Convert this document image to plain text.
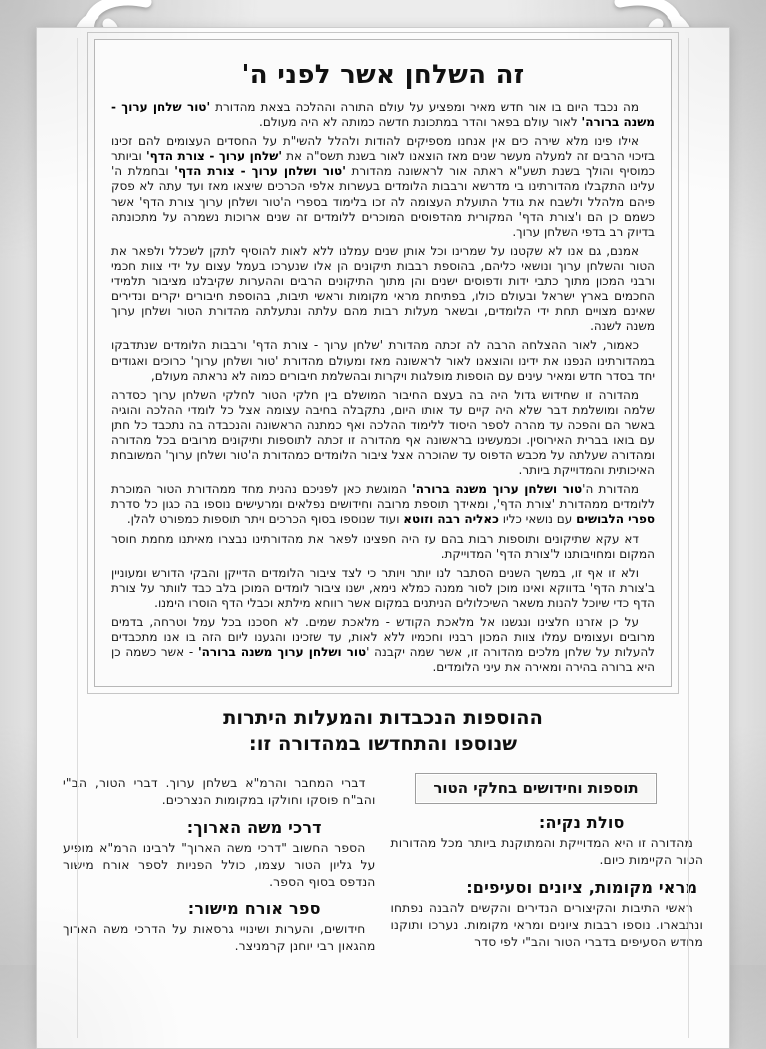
זה השלחן אשר לפני ה'

מה נכבד היום בו אור חדש מאיר ומפציע על עולם התורה וההלכה בצאת מהדורת 'טור שלחן ערוך - משנה ברורה' לאור עולם בפאר והדר במתכונת חדשה כמותה לא היה מעולם.

אילו פינו מלא שירה כים אין אנחנו מספיקים להודות ולהלל להשי"ת על החסדים העצומים להם זכינו בזיכוי הרבים זה למעלה מעשר שנים מאז הוצאנו לאור בשנת תשס"ה את 'שלחן ערוך - צורת הדף' וביותר כמוסיף והולך בשנת תשע"א ראתה אור לראשונה מהדורת 'טור ושלחן ערוך - צורת הדף' ובחמלת ה' עלינו התקבלו מהדורתינו בי מדרשא ורבבות הלומדים בעשרות אלפי הכרכים שיצאו מאז ועד עתה לא פסק פיהם מלהלל ולשבח את גודל התועלת העצומה לה זכו בלימוד בספרי ה'טור ושלחן ערוך צורת הדף' אשר כשמם כן הם ו'צורת הדף' המקורית מהדפוסים המוכרים ללומדים זה שנים ארוכות נשמרה על מתכונתה בדיוק רב בדפי השלחן ערוך.

אמנם, גם אנו לא שקטנו על שמרינו וכל אותן שנים עמלנו ללא לאות להוסיף לתקן לשכלל ולפאר את הטור והשלחן ערוך ונושאי כליהם, בהוספת רבבות תיקונים הן אלו שנערכו בעמל עצום על ידי צוות חכמי ורבני המכון מתוך כתבי ידות ודפוסים ישנים והן מתוך התיקונים הרבים וההערות שקיבלנו מציבור תלמידי החכמים בארץ ישראל ובעולם כולו, בפתיחת מראי מקומות וראשי תיבות, בהוספת חיבורים יקרים ונדירים שאינם מצויים תחת ידי הלומדים, ובשאר מעלות רבות מהם עלתה ונתעלתה מהדורת הטור ושלחן ערוך משנה לשנה.

כאמור, לאור ההצלחה הרבה לה זכתה מהדורת 'שלחן ערוך - צורת הדף' ורבבות הלומדים שנתדבקו במהדורתינו הנפנו את ידינו והוצאנו לאור לראשונה מאז ומעולם מהדורת 'טור ושלחן ערוך' כרוכים ואגודים יחד בסדר חדש ומאיר עינים עם הוספות מופלגות ויקרות ובהשלמת חיבורים כמוה לא נראתה מעולם,

מהדורה זו שחידוש גדול היה בה בעצם החיבור המושלם בין חלקי הטור לחלקי השלחן ערוך כסדרה שלמה ומושלמת דבר שלא היה קיים עד אותו היום, נתקבלה בחיבה עצומה אצל כל לומדי ההלכה והוגיה באשר הם והפכה עד מהרה לספר היסוד ללימוד ההלכה ואף כמתנה הראשונה והנכבדה בה נתכבד כל חתן עם בואו בברית האירוסין. וכמעשינו בראשונה אף מהדורה זו זכתה לתוספות ותיקונים מרובים בכל מהדורה ומהדורה שעלתה על מכבש הדפוס עד שהוכרה אצל ציבור הלומדים כמהדורת ה'טור ושלחן ערוך' המשובחת האיכותית והמדוייקת ביותר.

מהדורת ה'טור ושלחן ערוך משנה ברורה' המוגשת כאן לפניכם נהנית מחד ממהדורת הטור המוכרת ללומדים ממהדורת 'צורת הדף', ומאידך תוספת מרובה וחידושים נפלאים ומרעישים נוספו בה כגון כל סדרת ספרי הלבושים עם נושאי כליו כאליה רבה וזוטא ועוד שנוספו בסוף הכרכים ויתר תוספות כמפורט להלן.

דא עקא שתיקונים ותוספות רבות בהם עז היה חפצינו לפאר את מהדורתינו נבצרו מאיתנו מחמת חוסר המקום ומחויבותנו ל'צורת הדף' המדוייקת.

ולא זו אף זו, במשך השנים הסתבר לנו יותר ויותר כי לצד ציבור הלומדים הדייקן והבקי הדורש ומעוניין ב'צורת הדף' בדווקא ואינו מוכן לסור ממנה כמלא נימא, ישנו ציבור לומדים המוכן בלב כבד לוותר על צורת הדף כדי שיוכל להנות משאר השיכלולים הניתנים במקום אשר רווחא מילתא וכבלי הדף הוסרו הימנו.

על כן אזרנו חלצינו ונגשנו אל מלאכת הקודש - מלאכת שמים. לא חסכנו בכל עמל וטרחה, בדמים מרובים ועצומים עמלו צוות המכון רבניו וחכמיו ללא לאות, עד שזכינו והגענו ליום הזה בו אנו מתכבדים להעלות על שלחן מלכים מהדורה זו, אשר שמה יקבנה 'טור ושלחן ערוך משנה ברורה' - אשר כשמה כן היא ברורה בהירה ומאירה את עיני הלומדים.

ההוספות הנכבדות והמעלות היתרות
שנוספו והתחדשו במהדורה זו:
תוספות וחידושים בחלקי הטור
סולת נקיה:

מהדורה זו היא המדוייקת והמתוקנת ביותר מכל מהדורות הטור הקיימות כיום.

מראי מקומות, ציונים וסעיפים:

ראשי התיבות והקיצורים הנדירים והקשים להבנה נפתחו ונתבארו. נוספו רבבות ציונים ומראי מקומות. נערכו ותוקנו מחדש הסעיפים בדברי הטור והב"י לפי סדר

דברי המחבר והרמ"א בשלחן ערוך. דברי הטור, הב"י והב"ח פוסקו וחולקו במקומות הנצרכים.

דרכי משה הארוך:

הספר החשוב "דרכי משה הארוך" לרבינו הרמ"א מופיע על גליון הטור עצמו, כולל הפניות לספר אורח מישור הנדפס בסוף הספר.

ספר אורח מישור:

חידושים, והערות ושינויי גרסאות על הדרכי משה הארוך מהגאון רבי יוחנן קרמניצר.
